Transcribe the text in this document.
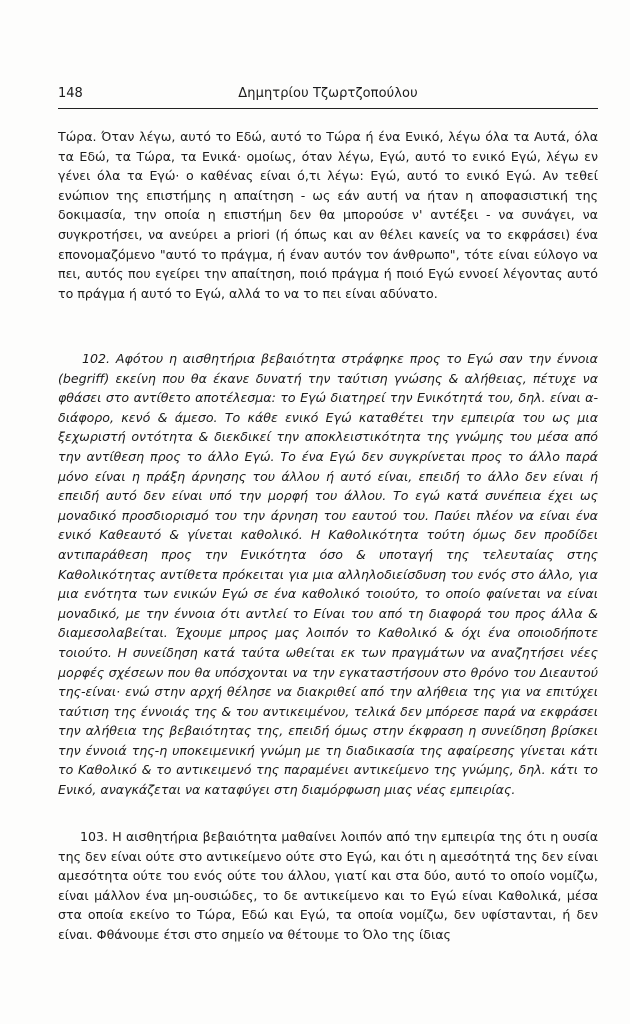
148	Δημητρίου Τζωρτζοπούλου

Τώρα. Όταν λέγω, αυτό το Εδώ, αυτό το Τώρα ή ένα Ενικό, λέγω όλα τα Αυτά, όλα τα Εδώ, τα Τώρα, τα Ενικά· ομοίως, όταν λέγω, Εγώ, αυτό το ενικό Εγώ, λέγω εν γένει όλα τα Εγώ· ο καθένας είναι ό,τι λέγω: Εγώ, αυτό το ενικό Εγώ. Αν τεθεί ενώπιον της επιστήμης η απαίτηση - ως εάν αυτή να ήταν η αποφασιστική της δοκιμασία, την οποία η επιστήμη δεν θα μπορούσε ν' αντέξει - να συνάγει, να συγκροτήσει, να ανεύρει a priori (ή όπως και αν θέλει κανείς να το εκφράσει) ένα επονομαζόμενο "αυτό το πράγμα, ή έναν αυτόν τον άνθρωπο", τότε είναι εύλογο να πει, αυτός που εγείρει την απαίτηση, ποιό πράγμα ή ποιό Εγώ εννοεί λέγοντας αυτό το πράγμα ή αυτό το Εγώ, αλλά το να το πει είναι αδύνατο.

102. Αφότου η αισθητήρια βεβαιότητα στράφηκε προς το Εγώ σαν την έννοια (begriff) εκείνη που θα έκανε δυνατή την ταύτιση γνώσης & αλήθειας, πέτυχε να φθάσει στο αντίθετο αποτέλεσμα: το Εγώ διατηρεί την Ενικότητά του, δηλ. είναι α-διάφορο, κενό & άμεσο. Το κάθε ενικό Εγώ καταθέτει την εμπειρία του ως μια ξεχωριστή οντότητα & διεκδικεί την αποκλειστικότητα της γνώμης του μέσα από την αντίθεση προς το άλλο Εγώ. Το ένα Εγώ δεν συγκρίνεται προς το άλλο παρά μόνο είναι η πράξη άρνησης του άλλου ή αυτό είναι, επειδή το άλλο δεν είναι ή επειδή αυτό δεν είναι υπό την μορφή του άλλου. Το εγώ κατά συνέπεια έχει ως μοναδικό προσδιορισμό του την άρνηση του εαυτού του. Παύει πλέον να είναι ένα ενικό Καθεαυτό & γίνεται καθολικό. Η Καθολικότητα τούτη όμως δεν προδίδει αντιπαράθεση προς την Ενικότητα όσο & υποταγή της τελευταίας στης Καθολικότητας αντίθετα πρόκειται για μια αλληλοδιείσδυση του ενός στο άλλο, για μια ενότητα των ενικών Εγώ σε ένα καθολικό τοιούτο, το οποίο φαίνεται να είναι μοναδικό, με την έννοια ότι αντλεί το Είναι του από τη διαφορά του προς άλλα & διαμεσολαβείται. Έχουμε μπρος μας λοιπόν το Καθολικό & όχι ένα οποιοδήποτε τοιούτο. Η συνείδηση κατά ταύτα ωθείται εκ των πραγμάτων να αναζητήσει νέες μορφές σχέσεων που θα υπόσχονται να την εγκαταστήσουν στο θρόνο του Διεαυτού της-είναι· ενώ στην αρχή θέλησε να διακριθεί από την αλήθεια της για να επιτύχει ταύτιση της έννοιάς της & του αντικειμένου, τελικά δεν μπόρεσε παρά να εκφράσει την αλήθεια της βεβαιότητας της, επειδή όμως στην έκφραση η συνείδηση βρίσκει την έννοιά της-η υποκειμενική γνώμη με τη διαδικασία της αφαίρεσης γίνεται κάτι το Καθολικό & το αντικειμενό της παραμένει αντικείμενο της γνώμης, δηλ. κάτι το Ενικό, αναγκάζεται να καταφύγει στη διαμόρφωση μιας νέας εμπειρίας.

103. Η αισθητήρια βεβαιότητα μαθαίνει λοιπόν από την εμπειρία της ότι η ουσία της δεν είναι ούτε στο αντικείμενο ούτε στο Εγώ, και ότι η αμεσότητά της δεν είναι αμεσότητα ούτε του ενός ούτε του άλλου, γιατί και στα δύο, αυτό το οποίο νομίζω, είναι μάλλον ένα μη-ουσιώδες, το δε αντικείμενο και το Εγώ είναι Καθολικά, μέσα στα οποία εκείνο το Τώρα, Εδώ και Εγώ, τα οποία νομίζω, δεν υφίστανται, ή δεν είναι. Φθάνουμε έτσι στο σημείο να θέτουμε το Όλο της ίδιας
